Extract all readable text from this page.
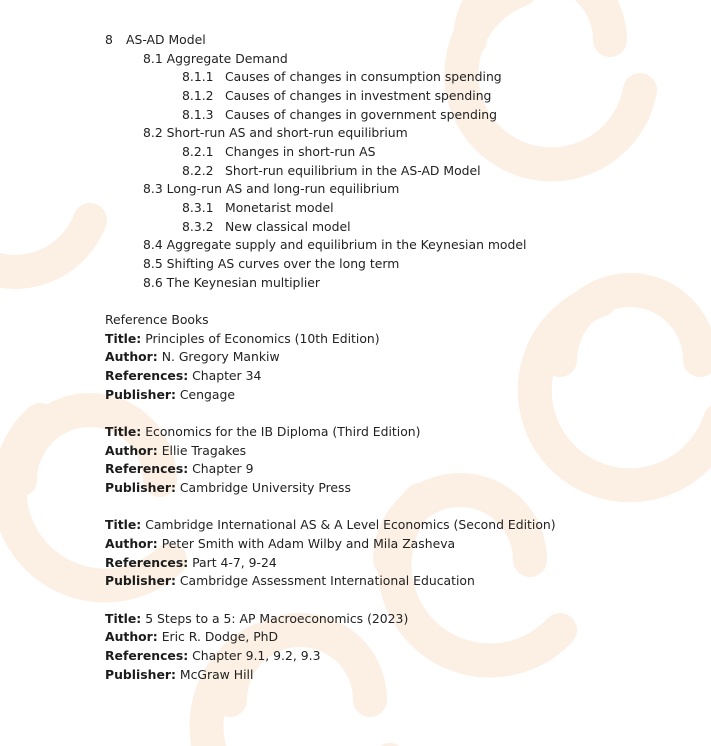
8 AS-AD Model
8.1 Aggregate Demand
8.1.1 Causes of changes in consumption spending
8.1.2 Causes of changes in investment spending
8.1.3 Causes of changes in government spending
8.2 Short-run AS and short-run equilibrium
8.2.1 Changes in short-run AS
8.2.2 Short-run equilibrium in the AS-AD Model
8.3 Long-run AS and long-run equilibrium
8.3.1 Monetarist model
8.3.2 New classical model
8.4 Aggregate supply and equilibrium in the Keynesian model
8.5 Shifting AS curves over the long term
8.6 The Keynesian multiplier
Reference Books
Title: Principles of Economics (10th Edition)
Author: N. Gregory Mankiw
References: Chapter 34
Publisher: Cengage
Title: Economics for the IB Diploma (Third Edition)
Author: Ellie Tragakes
References: Chapter 9
Publisher: Cambridge University Press
Title: Cambridge International AS & A Level Economics (Second Edition)
Author: Peter Smith with Adam Wilby and Mila Zasheva
References: Part 4-7, 9-24
Publisher: Cambridge Assessment International Education
Title: 5 Steps to a 5: AP Macroeconomics (2023)
Author: Eric R. Dodge, PhD
References: Chapter 9.1, 9.2, 9.3
Publisher: McGraw Hill
